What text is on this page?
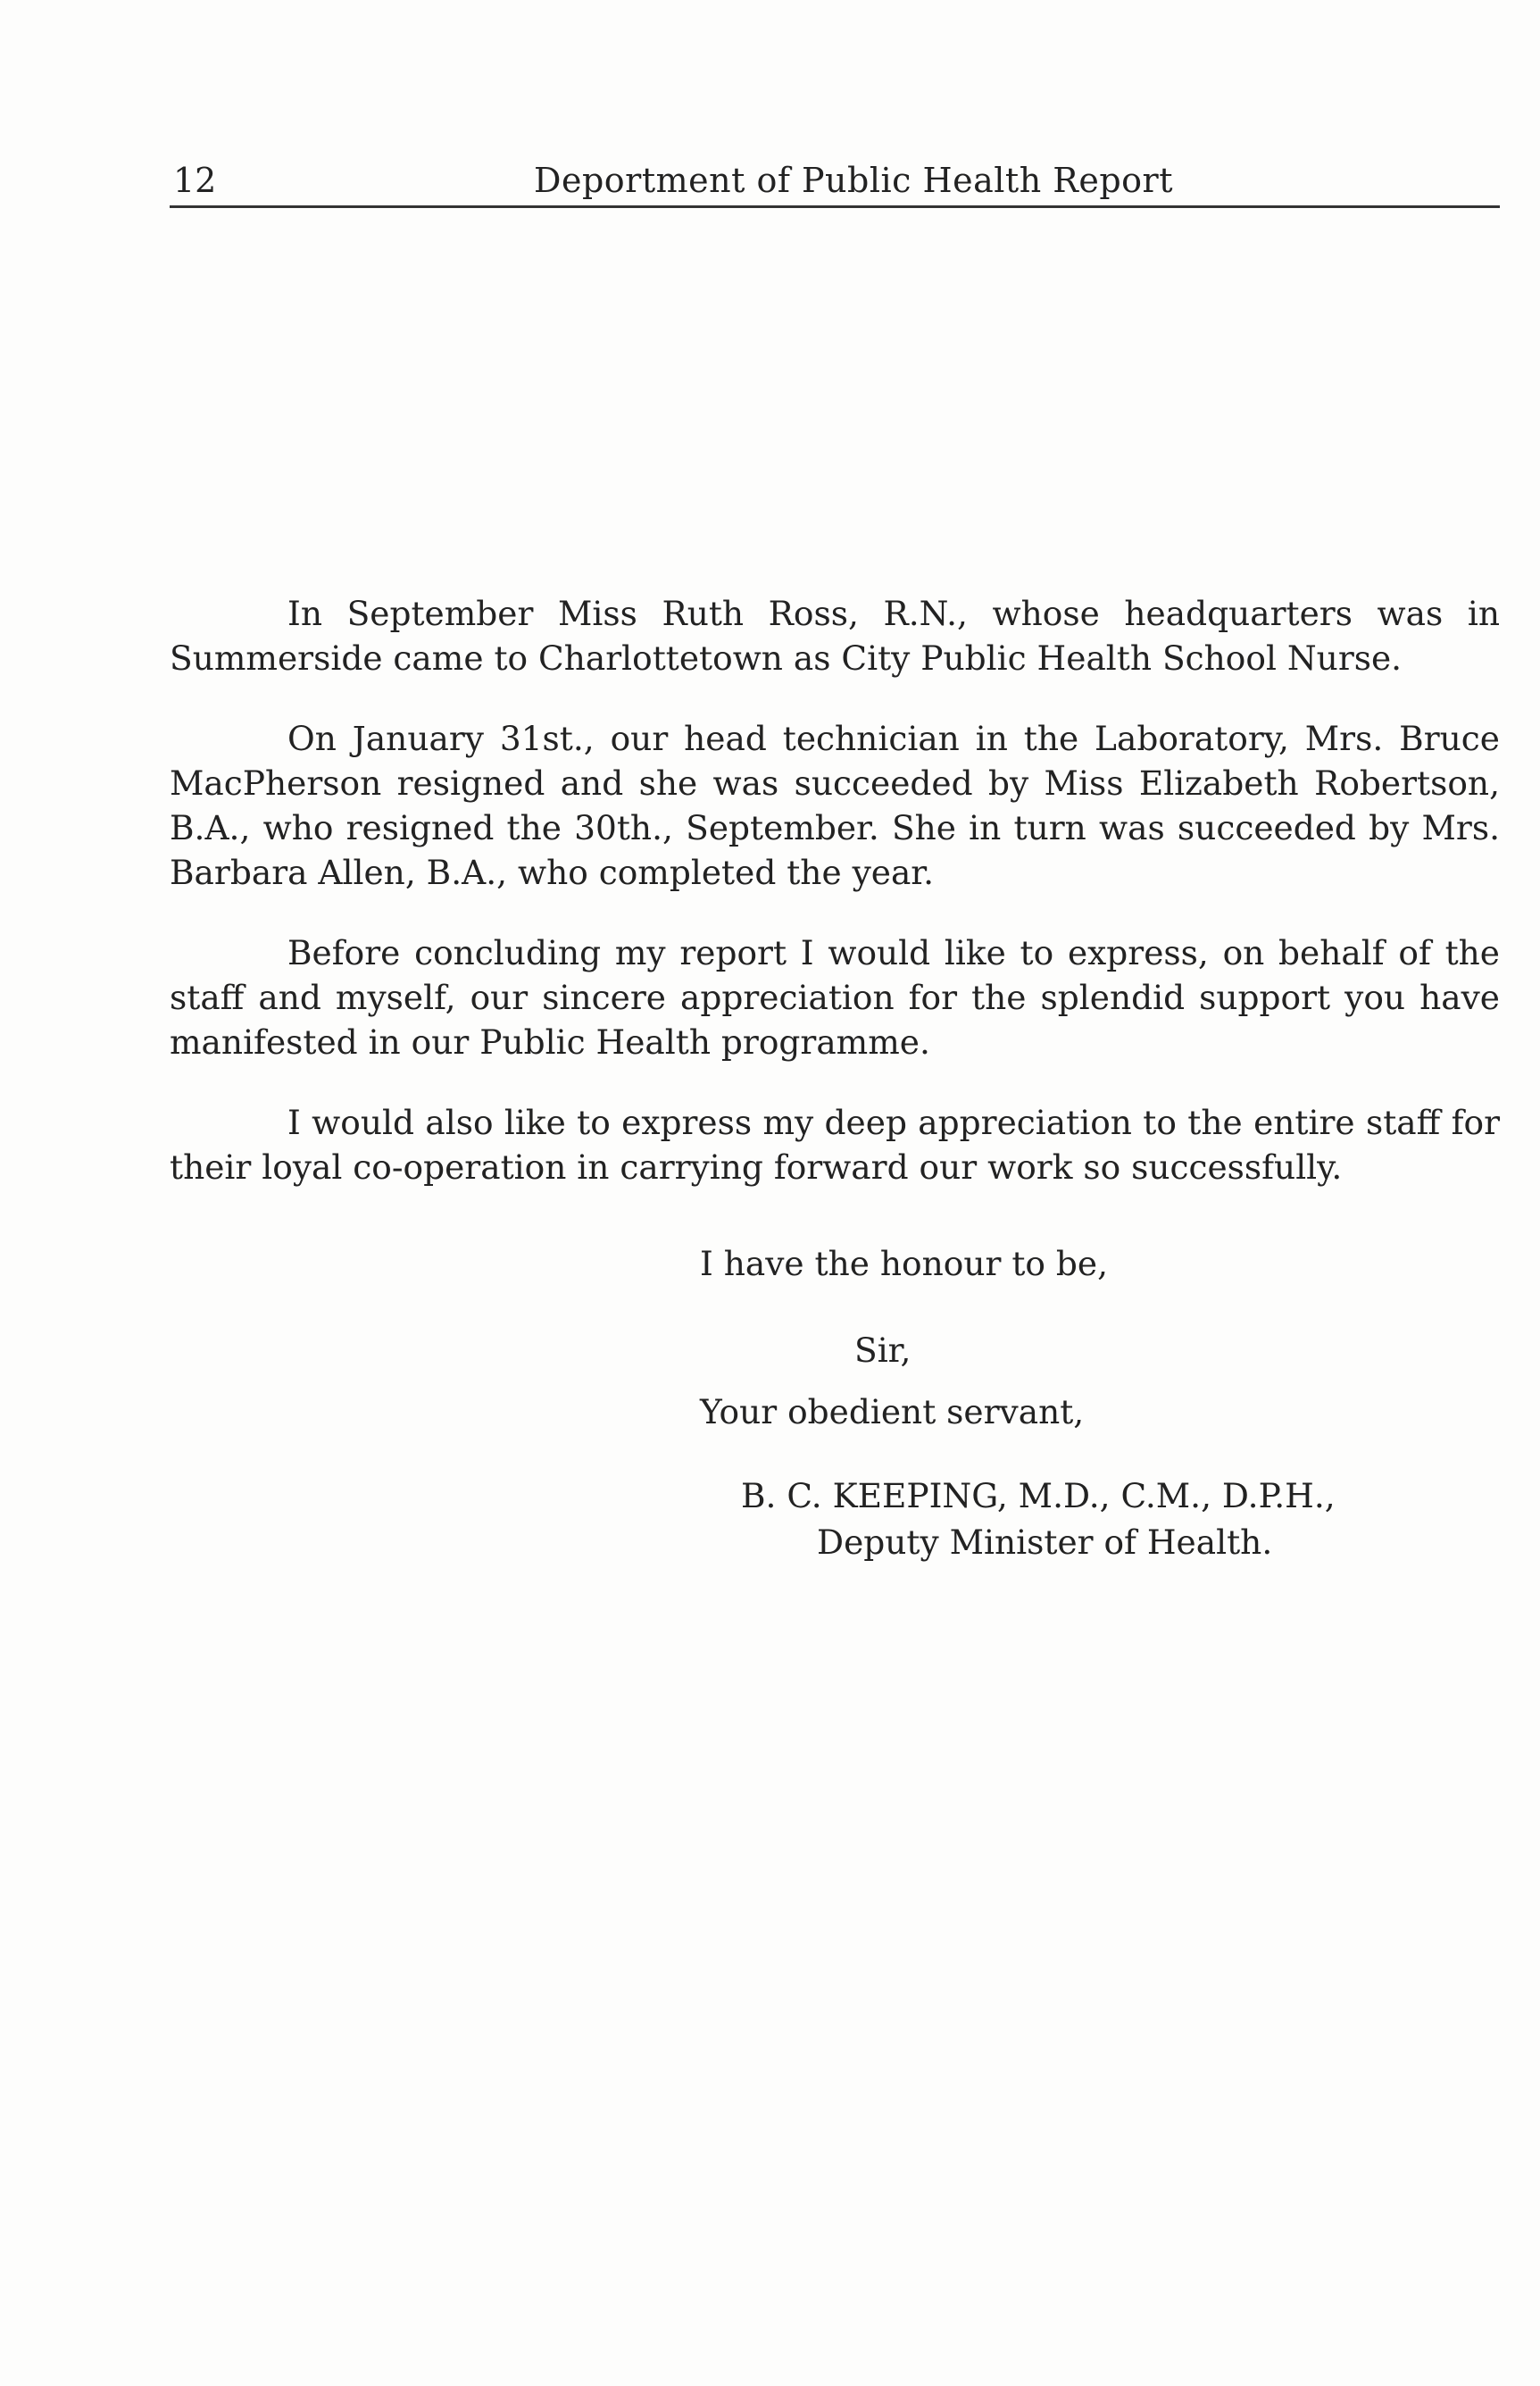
12	Deportment of Public Health Report

In September Miss Ruth Ross, R.N., whose headquarters was in Summerside came to Charlottetown as City Public Health School Nurse.

On January 31st., our head technician in the Laboratory, Mrs. Bruce MacPherson resigned and she was succeeded by Miss Elizabeth Robertson, B.A., who resigned the 30th., September. She in turn was succeeded by Mrs. Barbara Allen, B.A., who completed the year.

Before concluding my report I would like to express, on behalf of the staff and myself, our sincere appreciation for the splendid support you have manifested in our Public Health programme.

I would also like to express my deep appreciation to the entire staff for their loyal co-operation in carrying forward our work so successfully.

I have the honour to be,
Sir,
Your obedient servant,
B. C. KEEPING, M.D., C.M., D.P.H.,
Deputy Minister of Health.
